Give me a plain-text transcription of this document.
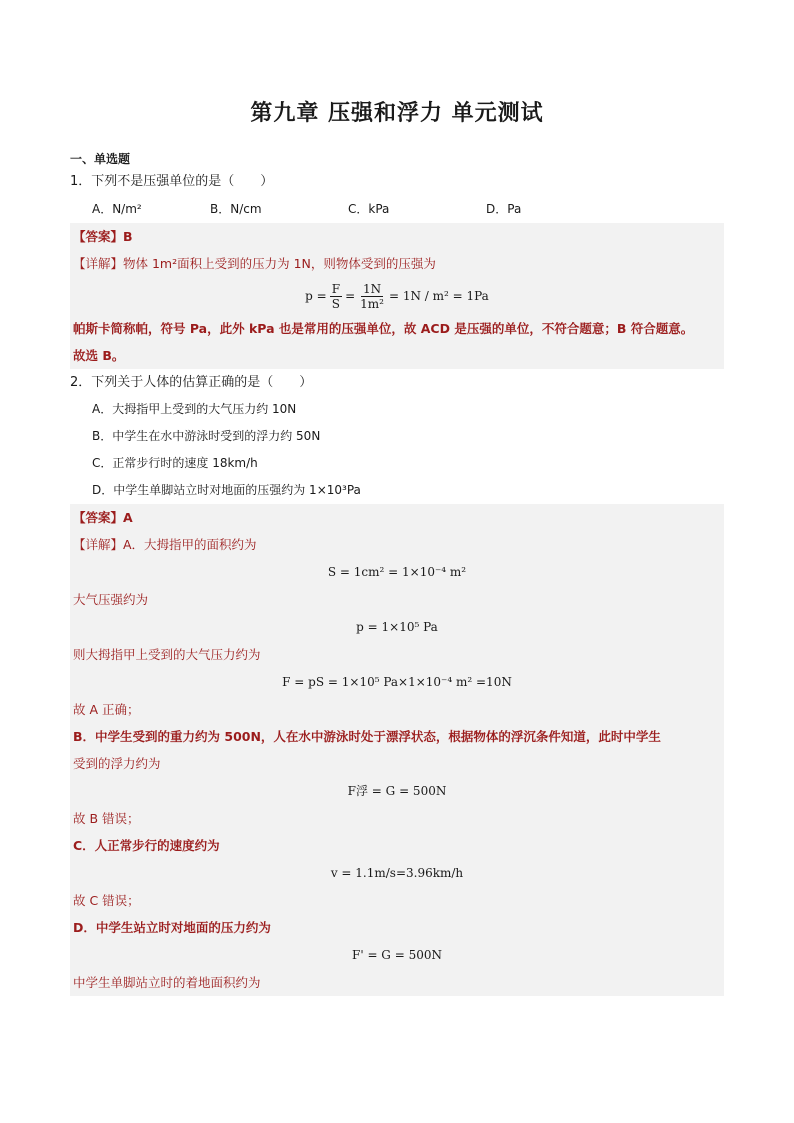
第九章 压强和浮力 单元测试
一、单选题
1．下列不是压强单位的是（　　）
A．N/m²	B．N/cm	C．kPa	D．Pa
【答案】B
【详解】物体 1m²面积上受到的压力为 1N，则物体受到的压强为
$p = \frac{F}{S} = \frac{1N}{\text{1m²}} = 1N / m^2 = 1Pa$
帕斯卡简称帕，符号 Pa，此外 kPa 也是常用的压强单位，故 ACD 是压强的单位，不符合题意；B 符合题意。
故选 B。
2．下列关于人体的估算正确的是（　　）
A．大拇指甲上受到的大气压力约 10N
B．中学生在水中游泳时受到的浮力约 50N
C．正常步行时的速度 18km/h
D．中学生单脚站立时对地面的压强约为 1×10³Pa
【答案】A
【详解】A．大拇指甲的面积约为
S = 1cm² = 1×10⁻⁴ m²
大气压强约为
p = 1×10⁵ Pa
则大拇指甲上受到的大气压力约为
F = pS = 1×10⁵ Pa×1×10⁻⁴ m² =10N
故 A 正确；
B．中学生受到的重力约为 500N，人在水中游泳时处于漂浮状态，根据物体的浮沉条件知道，此时中学生
受到的浮力约为
F浮 = G = 500N
故 B 错误；
C．人正常步行的速度约为
v = 1.1m/s=3.96km/h
故 C 错误；
D．中学生站立时对地面的压力约为
F' = G = 500N
中学生单脚站立时的着地面积约为
